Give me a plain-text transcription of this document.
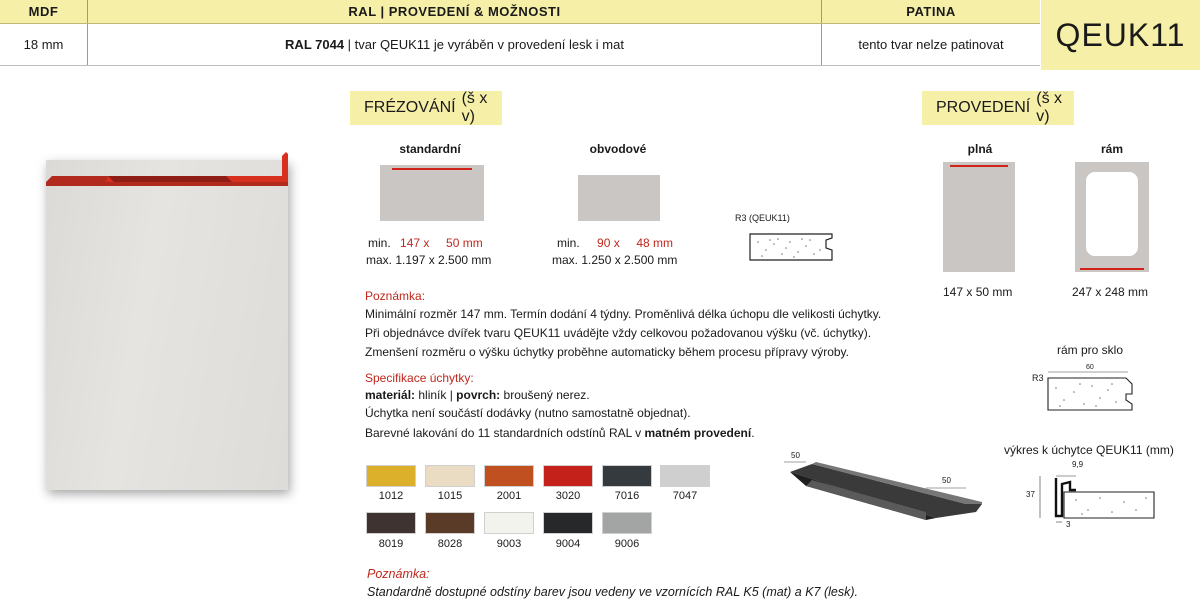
MDF	RAL | PROVEDENÍ & MOŽNOSTI	PATINA
18 mm	RAL 7044 | tvar QEUK11 je vyráběn v provedení lesk i mat	tento tvar nelze patinovat	QEUK11
FRÉZOVÁNÍ
(š x v)
standardní	obvodové
min. 147 x     50 mm
max. 1.197 x 2.500 mm
min. 90 x     48 mm
max. 1.250 x 2.500 mm
R3 (QEUK11)
PROVEDENÍ
(š x v)
plná	rám
147 x 50 mm	247 x 248 mm
rám pro sklo
R3
60
výkres k úchytce QEUK11 (mm)
9,9
37
3
Poznámka:
Minimální rozměr 147 mm. Termín dodání 4 týdny. Proměnlivá délka úchopu dle velikosti úchytky.
Při objednávce dvířek tvaru QEUK11 uvádějte vždy celkovou požadovanou výšku (vč. úchytky).
Zmenšení rozměru o výšku úchytky proběhne automaticky během procesu přípravy výroby.
Specifikace úchytky:
materiál: hliník | povrch: broušený nerez.
Úchytka není součástí dodávky (nutno samostatně objednat).
Barevné lakování do 11 standardních odstínů RAL v matném provedení.
50
50
1012	1015	2001	3020	7016	7047
8019	8028	9003	9004	9006
Poznámka:
Standardně dostupné odstíny barev jsou vedeny ve vzornících RAL K5 (mat) a K7 (lesk).
